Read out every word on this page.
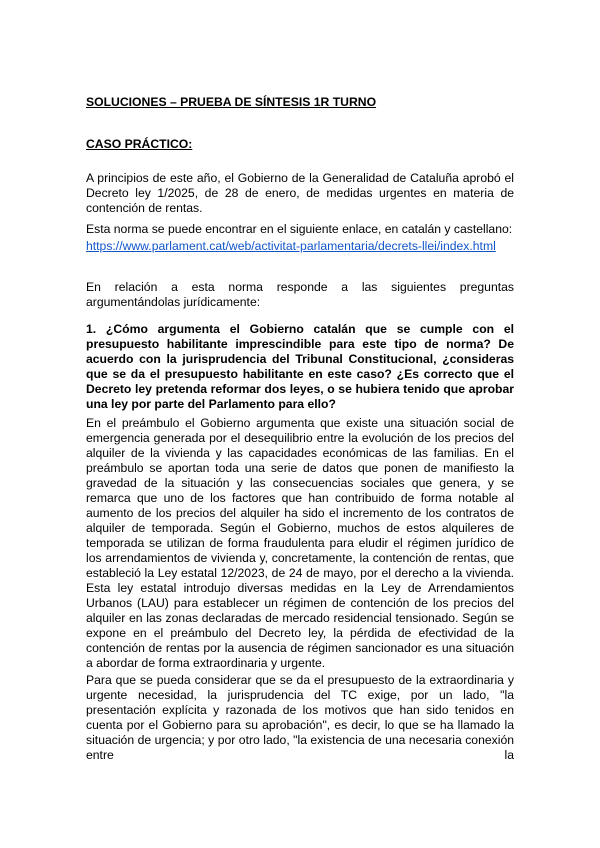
SOLUCIONES – PRUEBA DE SÍNTESIS 1R TURNO
CASO PRÁCTICO:

A principios de este año, el Gobierno de la Generalidad de Cataluña aprobó el Decreto ley 1/2025, de 28 de enero, de medidas urgentes en materia de contención de rentas.

Esta norma se puede encontrar en el siguiente enlace, en catalán y castellano:

https://www.parlament.cat/web/activitat-parlamentaria/decrets-llei/index.html

En relación a esta norma responde a las siguientes preguntas argumentándolas jurídicamente:

1. ¿Cómo argumenta el Gobierno catalán que se cumple con el presupuesto habilitante imprescindible para este tipo de norma? De acuerdo con la jurisprudencia del Tribunal Constitucional, ¿consideras que se da el presupuesto habilitante en este caso? ¿Es correcto que el Decreto ley pretenda reformar dos leyes, o se hubiera tenido que aprobar una ley por parte del Parlamento para ello?

En el preámbulo el Gobierno argumenta que existe una situación social de emergencia generada por el desequilibrio entre la evolución de los precios del alquiler de la vivienda y las capacidades económicas de las familias. En el preámbulo se aportan toda una serie de datos que ponen de manifiesto la gravedad de la situación y las consecuencias sociales que genera, y se remarca que uno de los factores que han contribuido de forma notable al aumento de los precios del alquiler ha sido el incremento de los contratos de alquiler de temporada. Según el Gobierno, muchos de estos alquileres de temporada se utilizan de forma fraudulenta para eludir el régimen jurídico de los arrendamientos de vivienda y, concretamente, la contención de rentas, que estableció la Ley estatal 12/2023, de 24 de mayo, por el derecho a la vivienda. Esta ley estatal introdujo diversas medidas en la Ley de Arrendamientos Urbanos (LAU) para establecer un régimen de contención de los precios del alquiler en las zonas declaradas de mercado residencial tensionado. Según se expone en el preámbulo del Decreto ley, la pérdida de efectividad de la contención de rentas por la ausencia de régimen sancionador es una situación a abordar de forma extraordinaria y urgente.

Para que se pueda considerar que se da el presupuesto de la extraordinaria y urgente necesidad, la jurisprudencia del TC exige, por un lado, "la presentación explícita y razonada de los motivos que han sido tenidos en cuenta por el Gobierno para su aprobación", es decir, lo que se ha llamado la situación de urgencia; y por otro lado, "la existencia de una necesaria conexión entre la
